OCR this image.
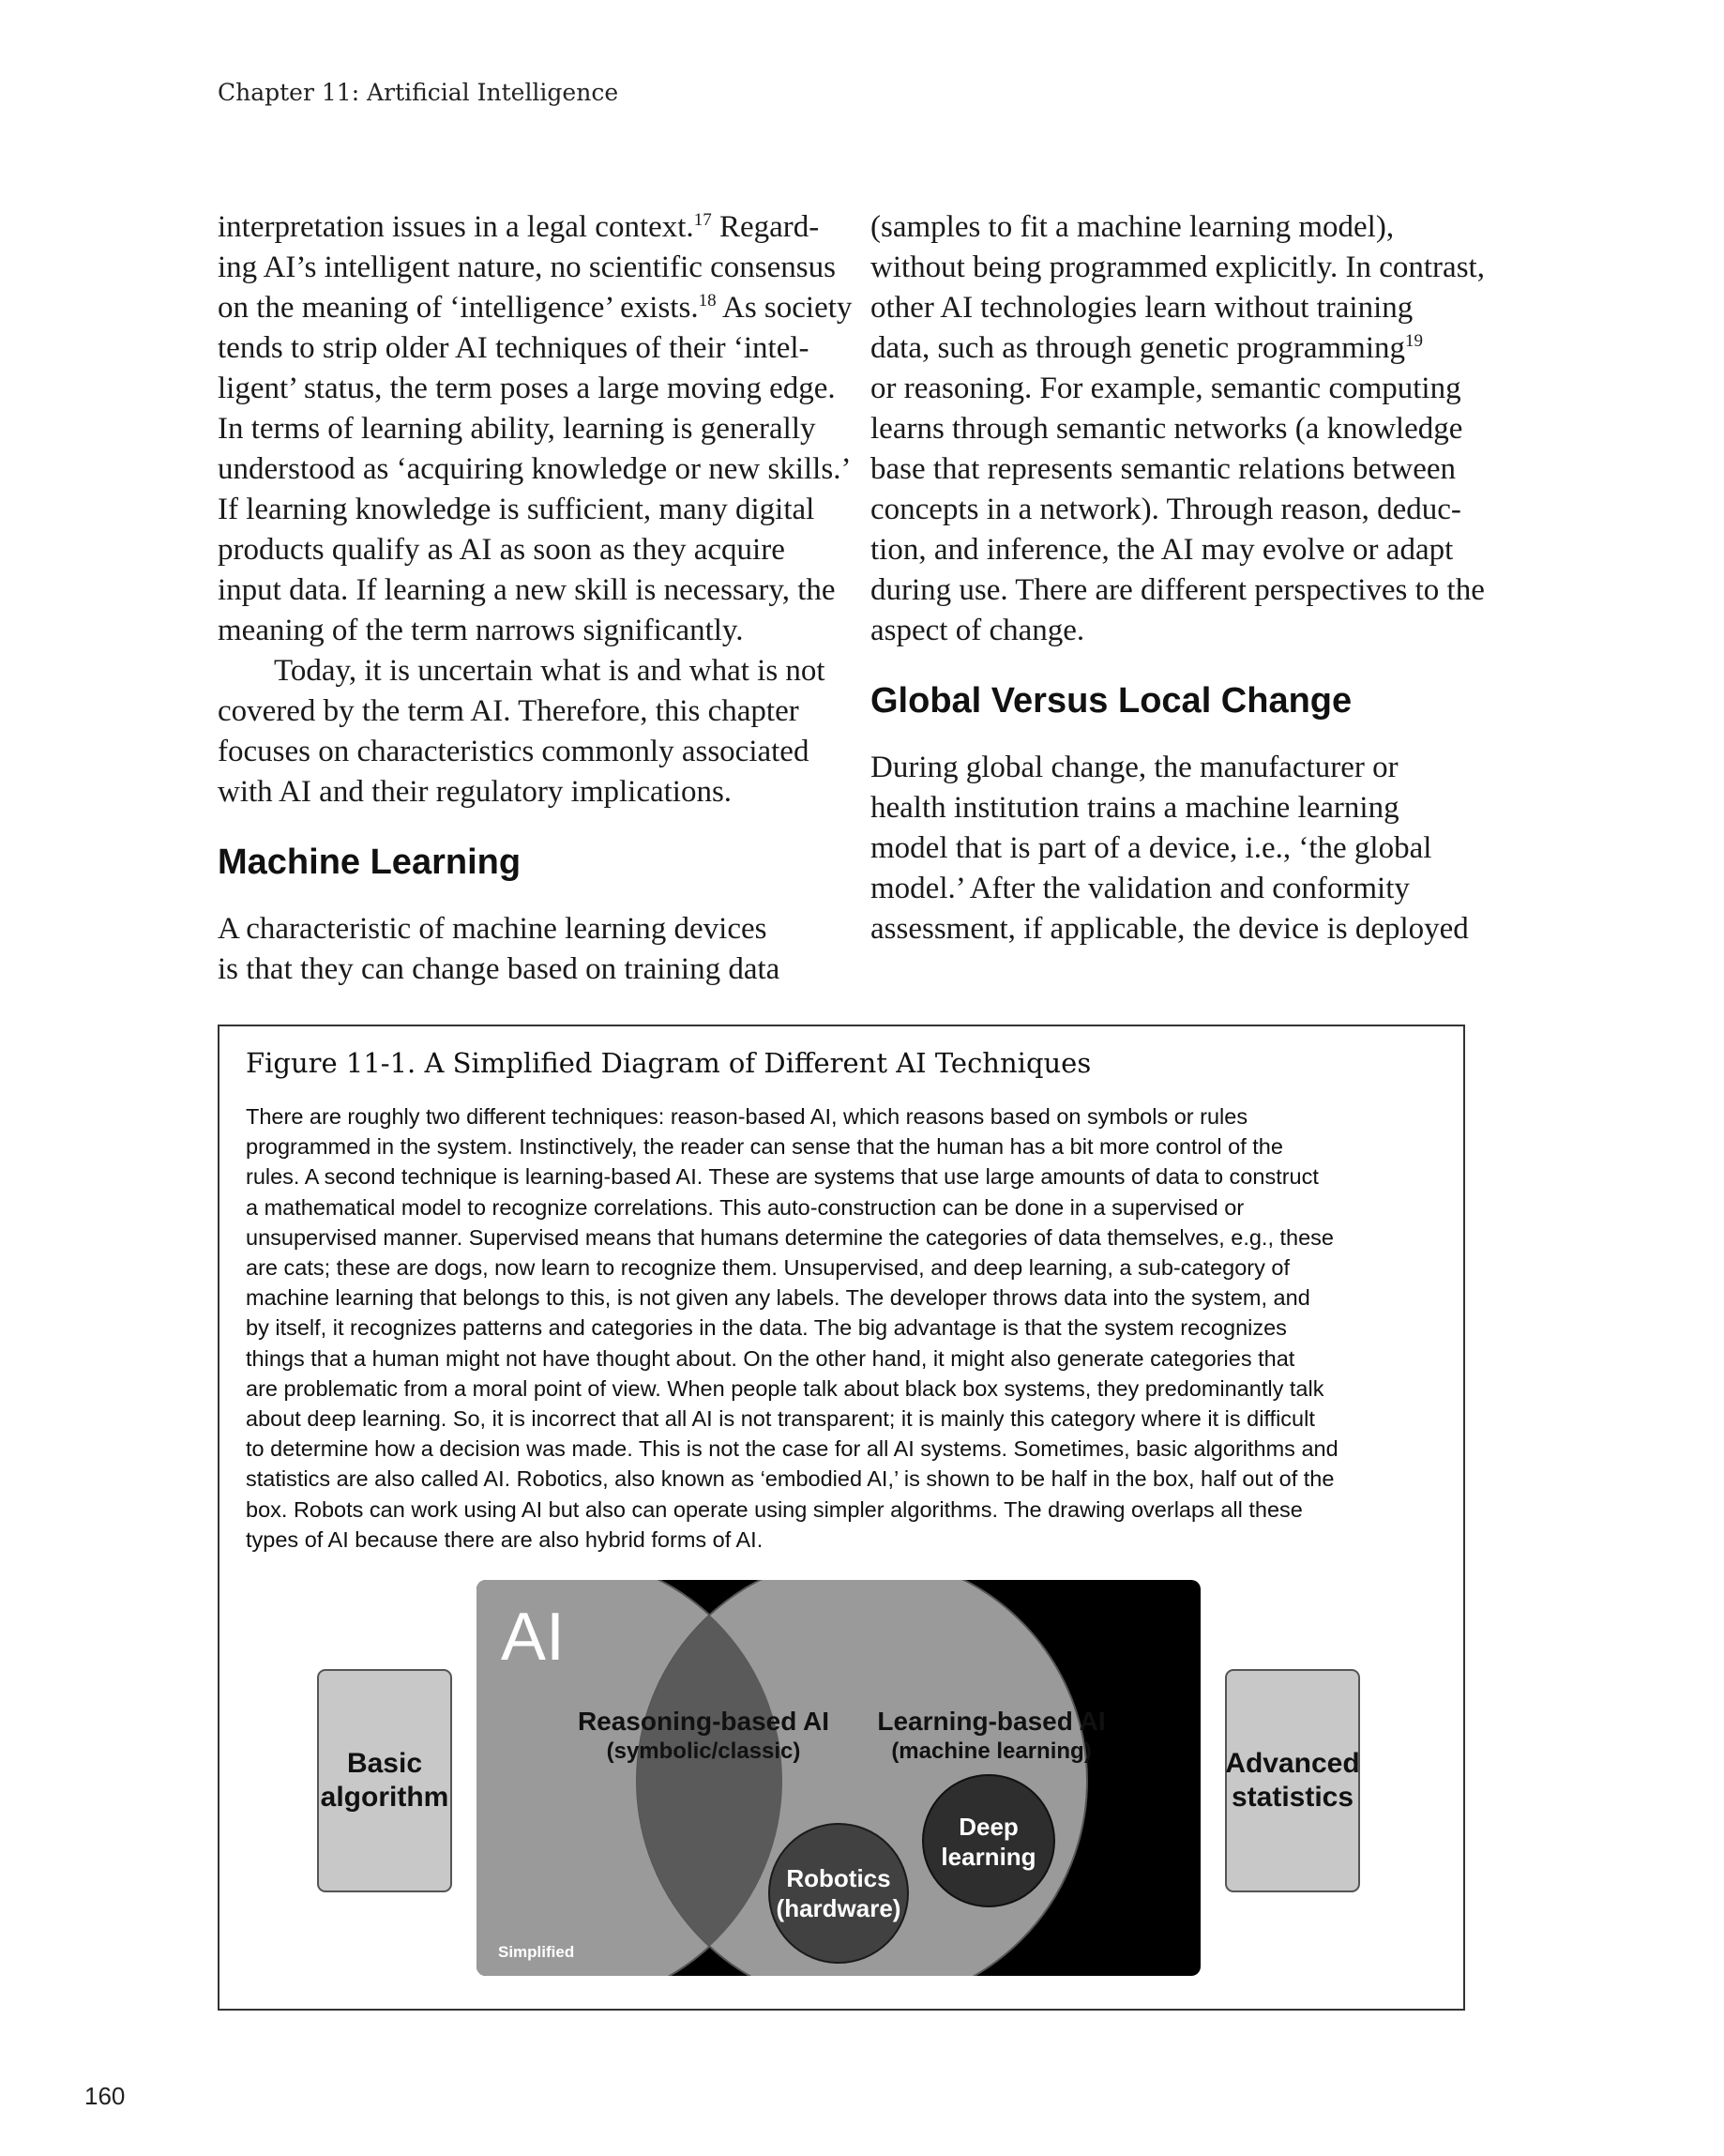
Chapter 11: Artificial Intelligence
interpretation issues in a legal context.$^{17}$ Regard-
ing AI’s intelligent nature, no scientific consensus
on the meaning of ‘intelligence’ exists.$^{18}$ As society
tends to strip older AI techniques of their ‘intel-
ligent’ status, the term poses a large moving edge.
In terms of learning ability, learning is generally
understood as ‘acquiring knowledge or new skills.’
If learning knowledge is sufficient, many digital
products qualify as AI as soon as they acquire
input data. If learning a new skill is necessary, the
meaning of the term narrows significantly.
Today, it is uncertain what is and what is not
covered by the term AI. Therefore, this chapter
focuses on characteristics commonly associated
with AI and their regulatory implications.
Machine Learning
A characteristic of machine learning devices
is that they can change based on training data
(samples to fit a machine learning model),
without being programmed explicitly. In contrast,
other AI technologies learn without training
data, such as through genetic programming$^{19}$
or reasoning. For example, semantic computing
learns through semantic networks (a knowledge
base that represents semantic relations between
concepts in a network). Through reason, deduc-
tion, and inference, the AI may evolve or adapt
during use. There are different perspectives to the
aspect of change.
Global Versus Local Change
During global change, the manufacturer or
health institution trains a machine learning
model that is part of a device, i.e., ‘the global
model.’ After the validation and conformity
assessment, if applicable, the device is deployed
Figure 11-1. A Simplified Diagram of Different AI Techniques
There are roughly two different techniques: reason-based AI, which reasons based on symbols or rules
programmed in the system. Instinctively, the reader can sense that the human has a bit more control of the
rules. A second technique is learning-based AI. These are systems that use large amounts of data to construct
a mathematical model to recognize correlations. This auto-construction can be done in a supervised or
unsupervised manner. Supervised means that humans determine the categories of data themselves, e.g., these
are cats; these are dogs, now learn to recognize them. Unsupervised, and deep learning, a sub-category of
machine learning that belongs to this, is not given any labels. The developer throws data into the system, and
by itself, it recognizes patterns and categories in the data. The big advantage is that the system recognizes
things that a human might not have thought about. On the other hand, it might also generate categories that
are problematic from a moral point of view. When people talk about black box systems, they predominantly talk
about deep learning. So, it is incorrect that all AI is not transparent; it is mainly this category where it is difficult
to determine how a decision was made. This is not the case for all AI systems. Sometimes, basic algorithms and
statistics are also called AI. Robotics, also known as ‘embodied AI,’ is shown to be half in the box, half out of the
box. Robots can work using AI but also can operate using simpler algorithms. The drawing overlaps all these
types of AI because there are also hybrid forms of AI.
Basic
algorithm
Advanced
statistics
AI
Reasoning-based AI
(symbolic/classic)
Learning-based AI
(machine learning)
Deep
learning
Robotics
(hardware)
Simplified
160
